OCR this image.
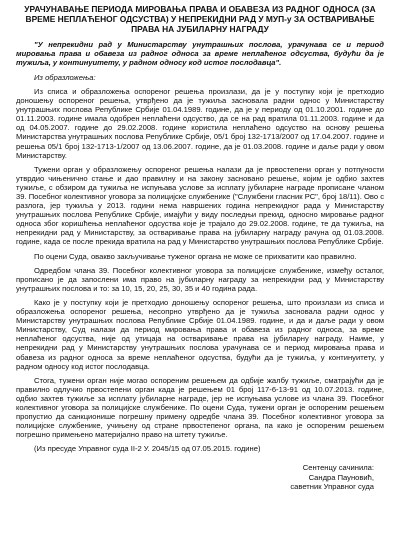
УРАЧУНАВАЊЕ ПЕРИОДА МИРОВАЊА ПРАВА И ОБАВЕЗА ИЗ РАДНОГ ОДНОСА (ЗА ВРЕМЕ НЕПЛАЋЕНОГ ОДСУСТВА) У НЕПРЕКИДНИ РАД У МУП-у ЗА ОСТВАРИВАЊЕ ПРАВА НА ЈУБИЛАРНУ НАГРАДУ

"У непрекидни рад у Министарству унутрашњих послова, урачунава се и период мировања права и обавеза из радног односа за време неплаћеног одсуства, будући да је тужиља, у континуитету, у радном односу код истог послодавца".

Из образложења:

Из списа и образложења оспореног решења произлази, да је у поступку који је претходио доношењу оспореног решења, утврђено да је тужиља засновала радни однос у Министарству унутрашњих послова Републике Србије 01.04.1989. године, да је у периоду од 01.10.2001. године до 01.11.2003. године имала одобрен неплаћени одсуство, да се на рад вратила 01.11.2003. године и да од 04.05.2007. године до 29.02.2008. године користила неплаћено одсуство на основу решења Министарства унутрашњих послова Републике Србије, 05/1 број 132-1713/2007 од 17.04.2007. године и решења 05/1 број 132-1713-1/2007 од 13.06.2007. године, да је 01.03.2008. године и даље ради у овом Министарству.

Тужени орган у образложењу оспореног решења налази да је првостепени орган у потпуности утврдио чињенично стање и дао правилну и на закону засновано решење, којим је одбио захтев тужиље, с обзиром да тужиља не испуњава услове за исплату јубиларне награде прописане чланом 39. Посебног колективног уговора за полицијске службенике ("Службени гласник РС", број 18/11). Ово с разлога, јер тужиља у 2013. години нема навршених година непрекидног рада у Министарству унутрашњих послова Републике Србије, имајући у виду последњи прекид, односно мировање радног односа због коришћења неплаћеног одсуства које је трајало до 29.02.2008. године, те да тужиља, на непрекидни рад у Министарству, за остваривање права на јубиларну награду рачуна од 01.03.2008. године, када се после прекида вратила на рад у Министарство унутрашњих послова Републике Србије.

По оцени Суда, овакво закључивање туженог органа не може се прихватити као правилно.

Одредбом члана 39. Посебног колективног уговора за полицијске службенике, између осталог, прописано је да запослени има право на јубиларну награду за непрекидни рад у Министарству унутрашњих послова и то: за 10, 15, 20, 25, 30, 35 и 40 година рада.

Како је у поступку који је претходио доношењу оспореног решења, што произлази из списа и образложења оспореног решења, несопрно утврђено да је тужиља засновала радни однос у Министарству унутрашњих послова Републике Србије 01.04.1989. године, и да и даље ради у овом Министарству, Суд налази да период мировања права и обавеза из радног односа, за време неплаћеног одсуства, није од утицаја на остваривање права на јубиларну награду. Наиме, у непрекидни рад у Министарству унутрашњих послова урачунава се и период мировања права и обавеза из радног односа за време неплаћеног одсуства, будући да је тужиља, у континуитету, у радном односу код истог послодавца.

Стога, тужени орган није могао оспореним решењем да одбије жалбу тужиље, сматрајући да је правилно одлучио првостепени орган када је решењем 01 број 117-6-13-91 од 10.07.2013. године, одбио захтев тужиље за исплату јубиларне награде, јер не испуњава услове из члана 39. Посебног колективног уговора за полицијске службенике. По оцени Суда, тужени орган је оспореним решењем пропустио да санкционише погрешну примену одредбе члана 39. Посебног колективног уговора за полицијске службенике, учињену од стране првостепеног органа, па како је оспореним решењем погрешно примењено материјално право на штету тужиље.

(Из пресуде Управног суда II-2 У. 2045/15 од 07.05.2015. године)

Сентенцу сачинила:
Сандра Пауновић,
саветник Управног суда
